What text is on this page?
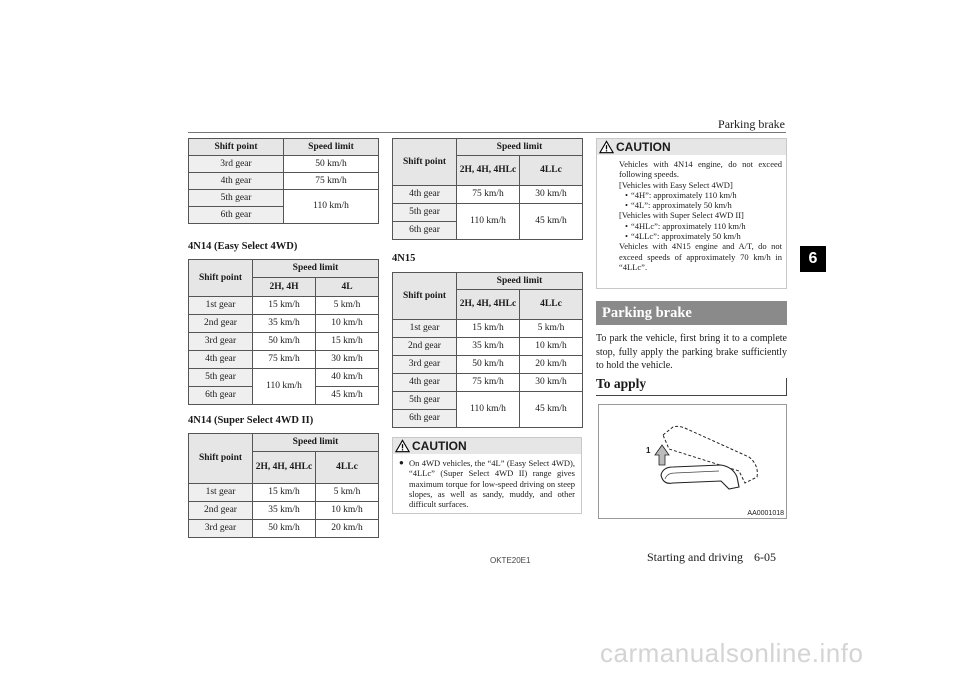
Parking brake
6
Shift point	Speed limit
3rd gear	50 km/h
4th gear	75 km/h
5th gear	110 km/h
6th gear	
4N14 (Easy Select 4WD)
Shift point	Speed limit	
	2H, 4H	4L
1st gear	15 km/h	5 km/h
2nd gear	35 km/h	10 km/h
3rd gear	50 km/h	15 km/h
4th gear	75 km/h	30 km/h
5th gear	110 km/h	40 km/h
6th gear		45 km/h
4N14 (Super Select 4WD II)
Shift point	Speed limit	
	2H, 4H, 4HLc	4LLc
1st gear	15 km/h	5 km/h
2nd gear	35 km/h	10 km/h
3rd gear	50 km/h	20 km/h
Shift point	Speed limit	
	2H, 4H, 4HLc	4LLc
4th gear	75 km/h	30 km/h
5th gear	110 km/h	45 km/h
6th gear		
4N15
Shift point	Speed limit	
	2H, 4H, 4HLc	4LLc
1st gear	15 km/h	5 km/h
2nd gear	35 km/h	10 km/h
3rd gear	50 km/h	20 km/h
4th gear	75 km/h	30 km/h
5th gear	110 km/h	45 km/h
6th gear		
CAUTION
● On 4WD vehicles, the “4L” (Easy Select 4WD), “4LLc” (Super Select 4WD II) range gives maximum torque for low-speed driving on steep slopes, as well as sandy, muddy, and other difficult surfaces.
CAUTION
Vehicles with 4N14 engine, do not exceed following speeds.
[Vehicles with Easy Select 4WD]
• “4H”: approximately 110 km/h
• “4L”: approximately 50 km/h
[Vehicles with Super Select 4WD II]
• “4HLc”: approximately 110 km/h
• “4LLc”: approximately 50 km/h
Vehicles with 4N15 engine and A/T, do not exceed speeds of approximately 70 km/h in “4LLc”.
Parking brake
To park the vehicle, first bring it to a complete stop, fully apply the parking brake sufficiently to hold the vehicle.
To apply
1
AA0001018
OKTE20E1	Starting and driving 6-05
carmanualsonline.info
